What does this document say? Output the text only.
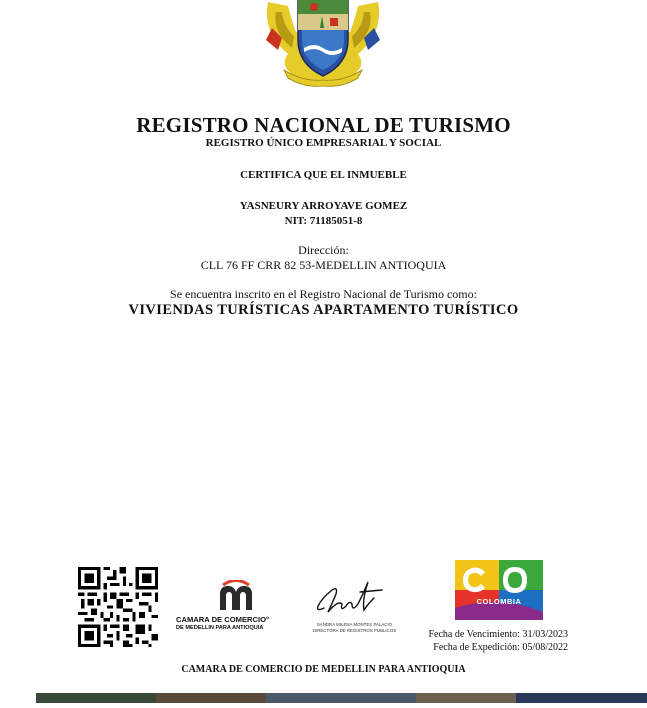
REGISTRO NACIONAL DE TURISMO
REGISTRO ÚNICO EMPRESARIAL Y SOCIAL
CERTIFICA QUE EL INMUEBLE
YASNEURY ARROYAVE GOMEZ
NIT: 71185051-8
Dirección:
CLL 76 FF CRR 82 53-MEDELLIN ANTIOQUIA
Se encuentra inscrito en el Registro Nacional de Turismo como:
VIVIENDAS TURÍSTICAS APARTAMENTO TURÍSTICO
CAMARA DE COMERCIO°
DE MEDELLIN PARA ANTIOQUIA
SANDRA MILENA MONTES PALACIO
DIRECTORA DE REGISTROS PÚBLICOS
COLOMBIA
Fecha de Vencimiento: 31/03/2023
Fecha de Expedición: 05/08/2022
CAMARA DE COMERCIO DE MEDELLIN PARA ANTIOQUIA
